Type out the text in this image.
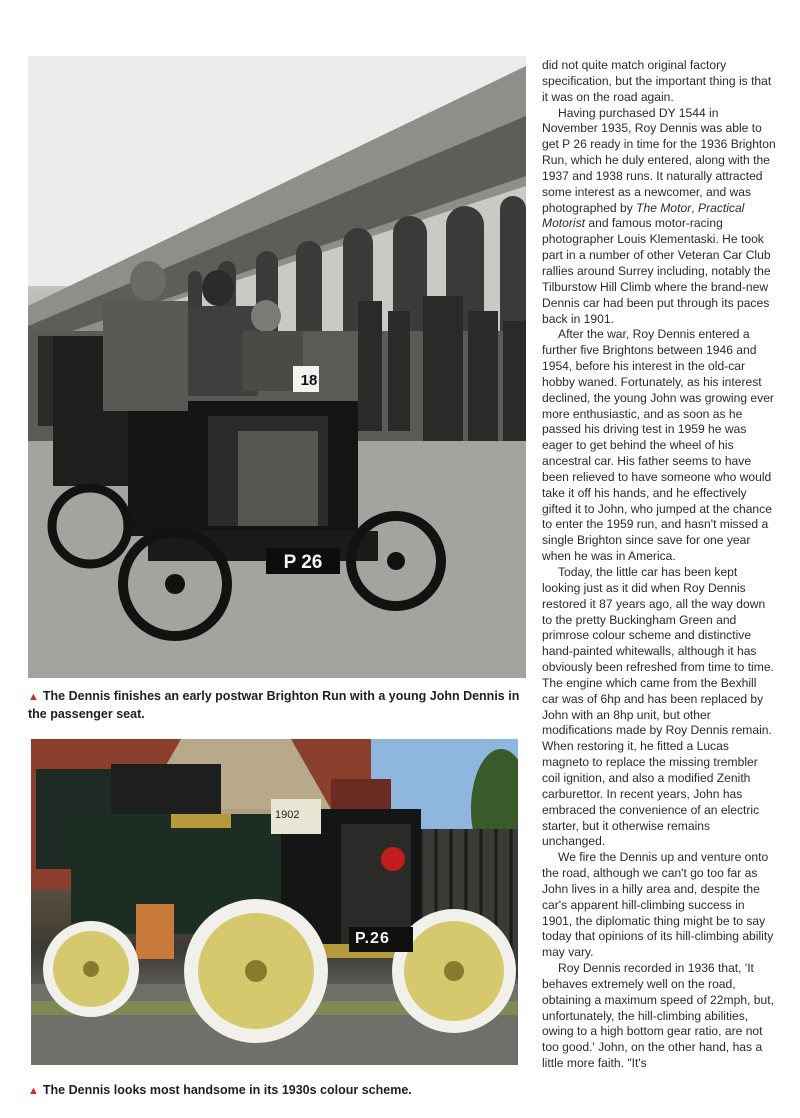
18
P 26
▲ The Dennis finishes an early postwar Brighton Run with a young John Dennis in the passenger seat.
1902
P.26
▲ The Dennis looks most handsome in its 1930s colour scheme.

did not quite match original factory specification, but the important thing is that it was on the road again.

Having purchased DY 1544 in November 1935, Roy Dennis was able to get P 26 ready in time for the 1936 Brighton Run, which he duly entered, along with the 1937 and 1938 runs. It naturally attracted some interest as a newcomer, and was photographed by The Motor, Practical Motorist and famous motor-racing photographer Louis Klementaski. He took part in a number of other Veteran Car Club rallies around Surrey including, notably the Tilburstow Hill Climb where the brand-new Dennis car had been put through its paces back in 1901.

After the war, Roy Dennis entered a further five Brightons between 1946 and 1954, before his interest in the old-car hobby waned. Fortunately, as his interest declined, the young John was growing ever more enthusiastic, and as soon as he passed his driving test in 1959 he was eager to get behind the wheel of his ancestral car. His father seems to have been relieved to have someone who would take it off his hands, and he effectively gifted it to John, who jumped at the chance to enter the 1959 run, and hasn't missed a single Brighton since save for one year when he was in America.

Today, the little car has been kept looking just as it did when Roy Dennis restored it 87 years ago, all the way down to the pretty Buckingham Green and primrose colour scheme and distinctive hand-painted whitewalls, although it has obviously been refreshed from time to time. The engine which came from the Bexhill car was of 6hp and has been replaced by John with an 8hp unit, but other modifications made by Roy Dennis remain. When restoring it, he fitted a Lucas magneto to replace the missing trembler coil ignition, and also a modified Zenith carburettor. In recent years, John has embraced the convenience of an electric starter, but it otherwise remains unchanged.

We fire the Dennis up and venture onto the road, although we can't go too far as John lives in a hilly area and, despite the car's apparent hill-climbing success in 1901, the diplomatic thing might be to say today that opinions of its hill-climbing ability may vary.

Roy Dennis recorded in 1936 that, 'It behaves extremely well on the road, obtaining a maximum speed of 22mph, but, unfortunately, the hill-climbing abilities, owing to a high bottom gear ratio, are not too good.' John, on the other hand, has a little more faith. "It's
